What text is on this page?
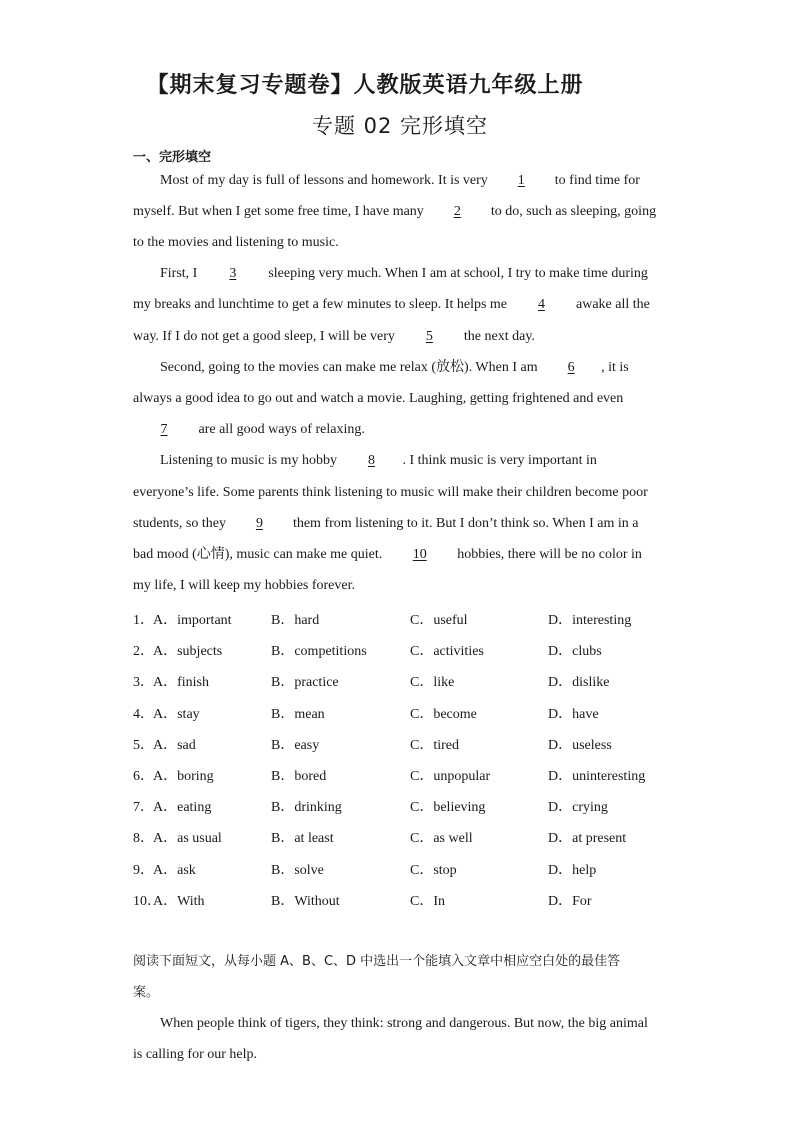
【期末复习专题卷】人教版英语九年级上册
专题 02 完形填空
一、完形填空
Most of my day is full of lessons and homework. It is very 1 to find time for
myself. But when I get some free time, I have many 2 to do, such as sleeping, going
to the movies and listening to music.
First, I 3 sleeping very much. When I am at school, I try to make time during
my breaks and lunchtime to get a few minutes to sleep. It helps me 4 awake all the
way. If I do not get a good sleep, I will be very 5 the next day.
Second, going to the movies can make me relax (放松). When I am 6 , it is
always a good idea to go out and watch a movie. Laughing, getting frightened and even
7 are all good ways of relaxing.
Listening to music is my hobby 8 . I think music is very important in
everyone’s life. Some parents think listening to music will make their children become poor
students, so they 9 them from listening to it. But I don’t think so. When I am in a
bad mood (心情), music can make me quiet. 10 hobbies, there will be no color in
my life, I will keep my hobbies forever.
1． A．important	B．hard	C．useful	D．interesting
2． A．subjects	B．competitions	C．activities	D．clubs
3． A．finish	B．practice	C．like	D．dislike
4． A．stay	B．mean	C．become	D．have
5． A．sad	B．easy	C．tired	D．useless
6． A．boring	B．bored	C．unpopular	D．uninteresting
7． A．eating	B．drinking	C．believing	D．crying
8． A．as usual	B．at least	C．as well	D．at present
9． A．ask	B．solve	C．stop	D．help
10．
A．With	B．Without	C．In	D．For
阅读下面短文，从每小题 A、B、C、D 中选出一个能填入文章中相应空白处的最佳答
案。
When people think of tigers, they think: strong and dangerous. But now, the big animal
is calling for our help.
